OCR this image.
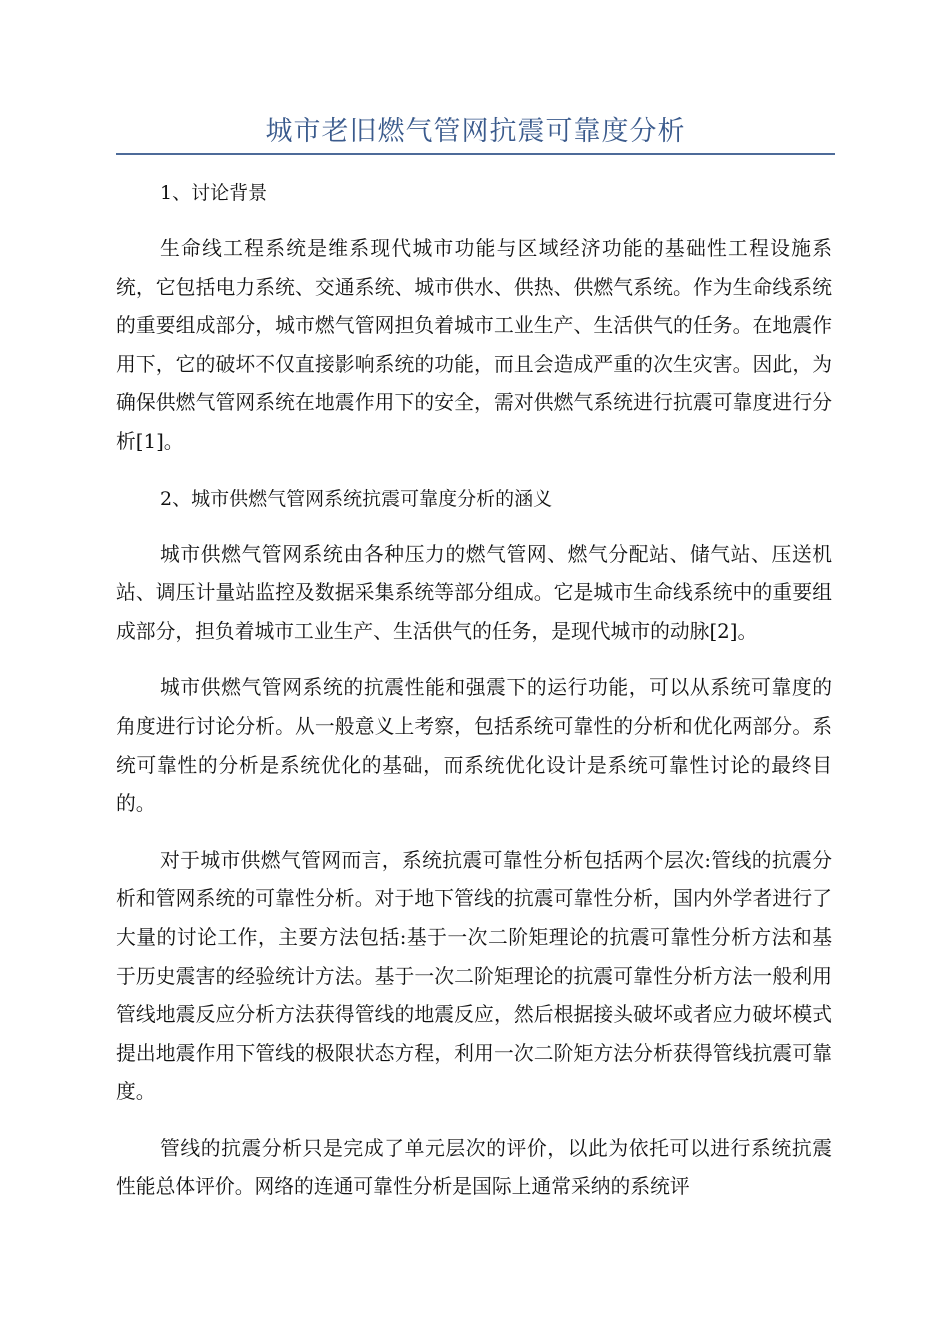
城市老旧燃气管网抗震可靠度分析

1、讨论背景

生命线工程系统是维系现代城市功能与区域经济功能的基础性工程设施系统，它包括电力系统、交通系统、城市供水、供热、供燃气系统。作为生命线系统的重要组成部分，城市燃气管网担负着城市工业生产、生活供气的任务。在地震作用下，它的破坏不仅直接影响系统的功能，而且会造成严重的次生灾害。因此，为确保供燃气管网系统在地震作用下的安全，需对供燃气系统进行抗震可靠度进行分析[1]。

2、城市供燃气管网系统抗震可靠度分析的涵义

城市供燃气管网系统由各种压力的燃气管网、燃气分配站、储气站、压送机站、调压计量站监控及数据采集系统等部分组成。它是城市生命线系统中的重要组成部分，担负着城市工业生产、生活供气的任务，是现代城市的动脉[2]。

城市供燃气管网系统的抗震性能和强震下的运行功能，可以从系统可靠度的角度进行讨论分析。从一般意义上考察，包括系统可靠性的分析和优化两部分。系统可靠性的分析是系统优化的基础，而系统优化设计是系统可靠性讨论的最终目的。

对于城市供燃气管网而言，系统抗震可靠性分析包括两个层次:管线的抗震分析和管网系统的可靠性分析。对于地下管线的抗震可靠性分析，国内外学者进行了大量的讨论工作，主要方法包括:基于一次二阶矩理论的抗震可靠性分析方法和基于历史震害的经验统计方法。基于一次二阶矩理论的抗震可靠性分析方法一般利用管线地震反应分析方法获得管线的地震反应，然后根据接头破坏或者应力破坏模式提出地震作用下管线的极限状态方程，利用一次二阶矩方法分析获得管线抗震可靠度。

管线的抗震分析只是完成了单元层次的评价，以此为依托可以进行系统抗震性能总体评价。网络的连通可靠性分析是国际上通常采纳的系统评
